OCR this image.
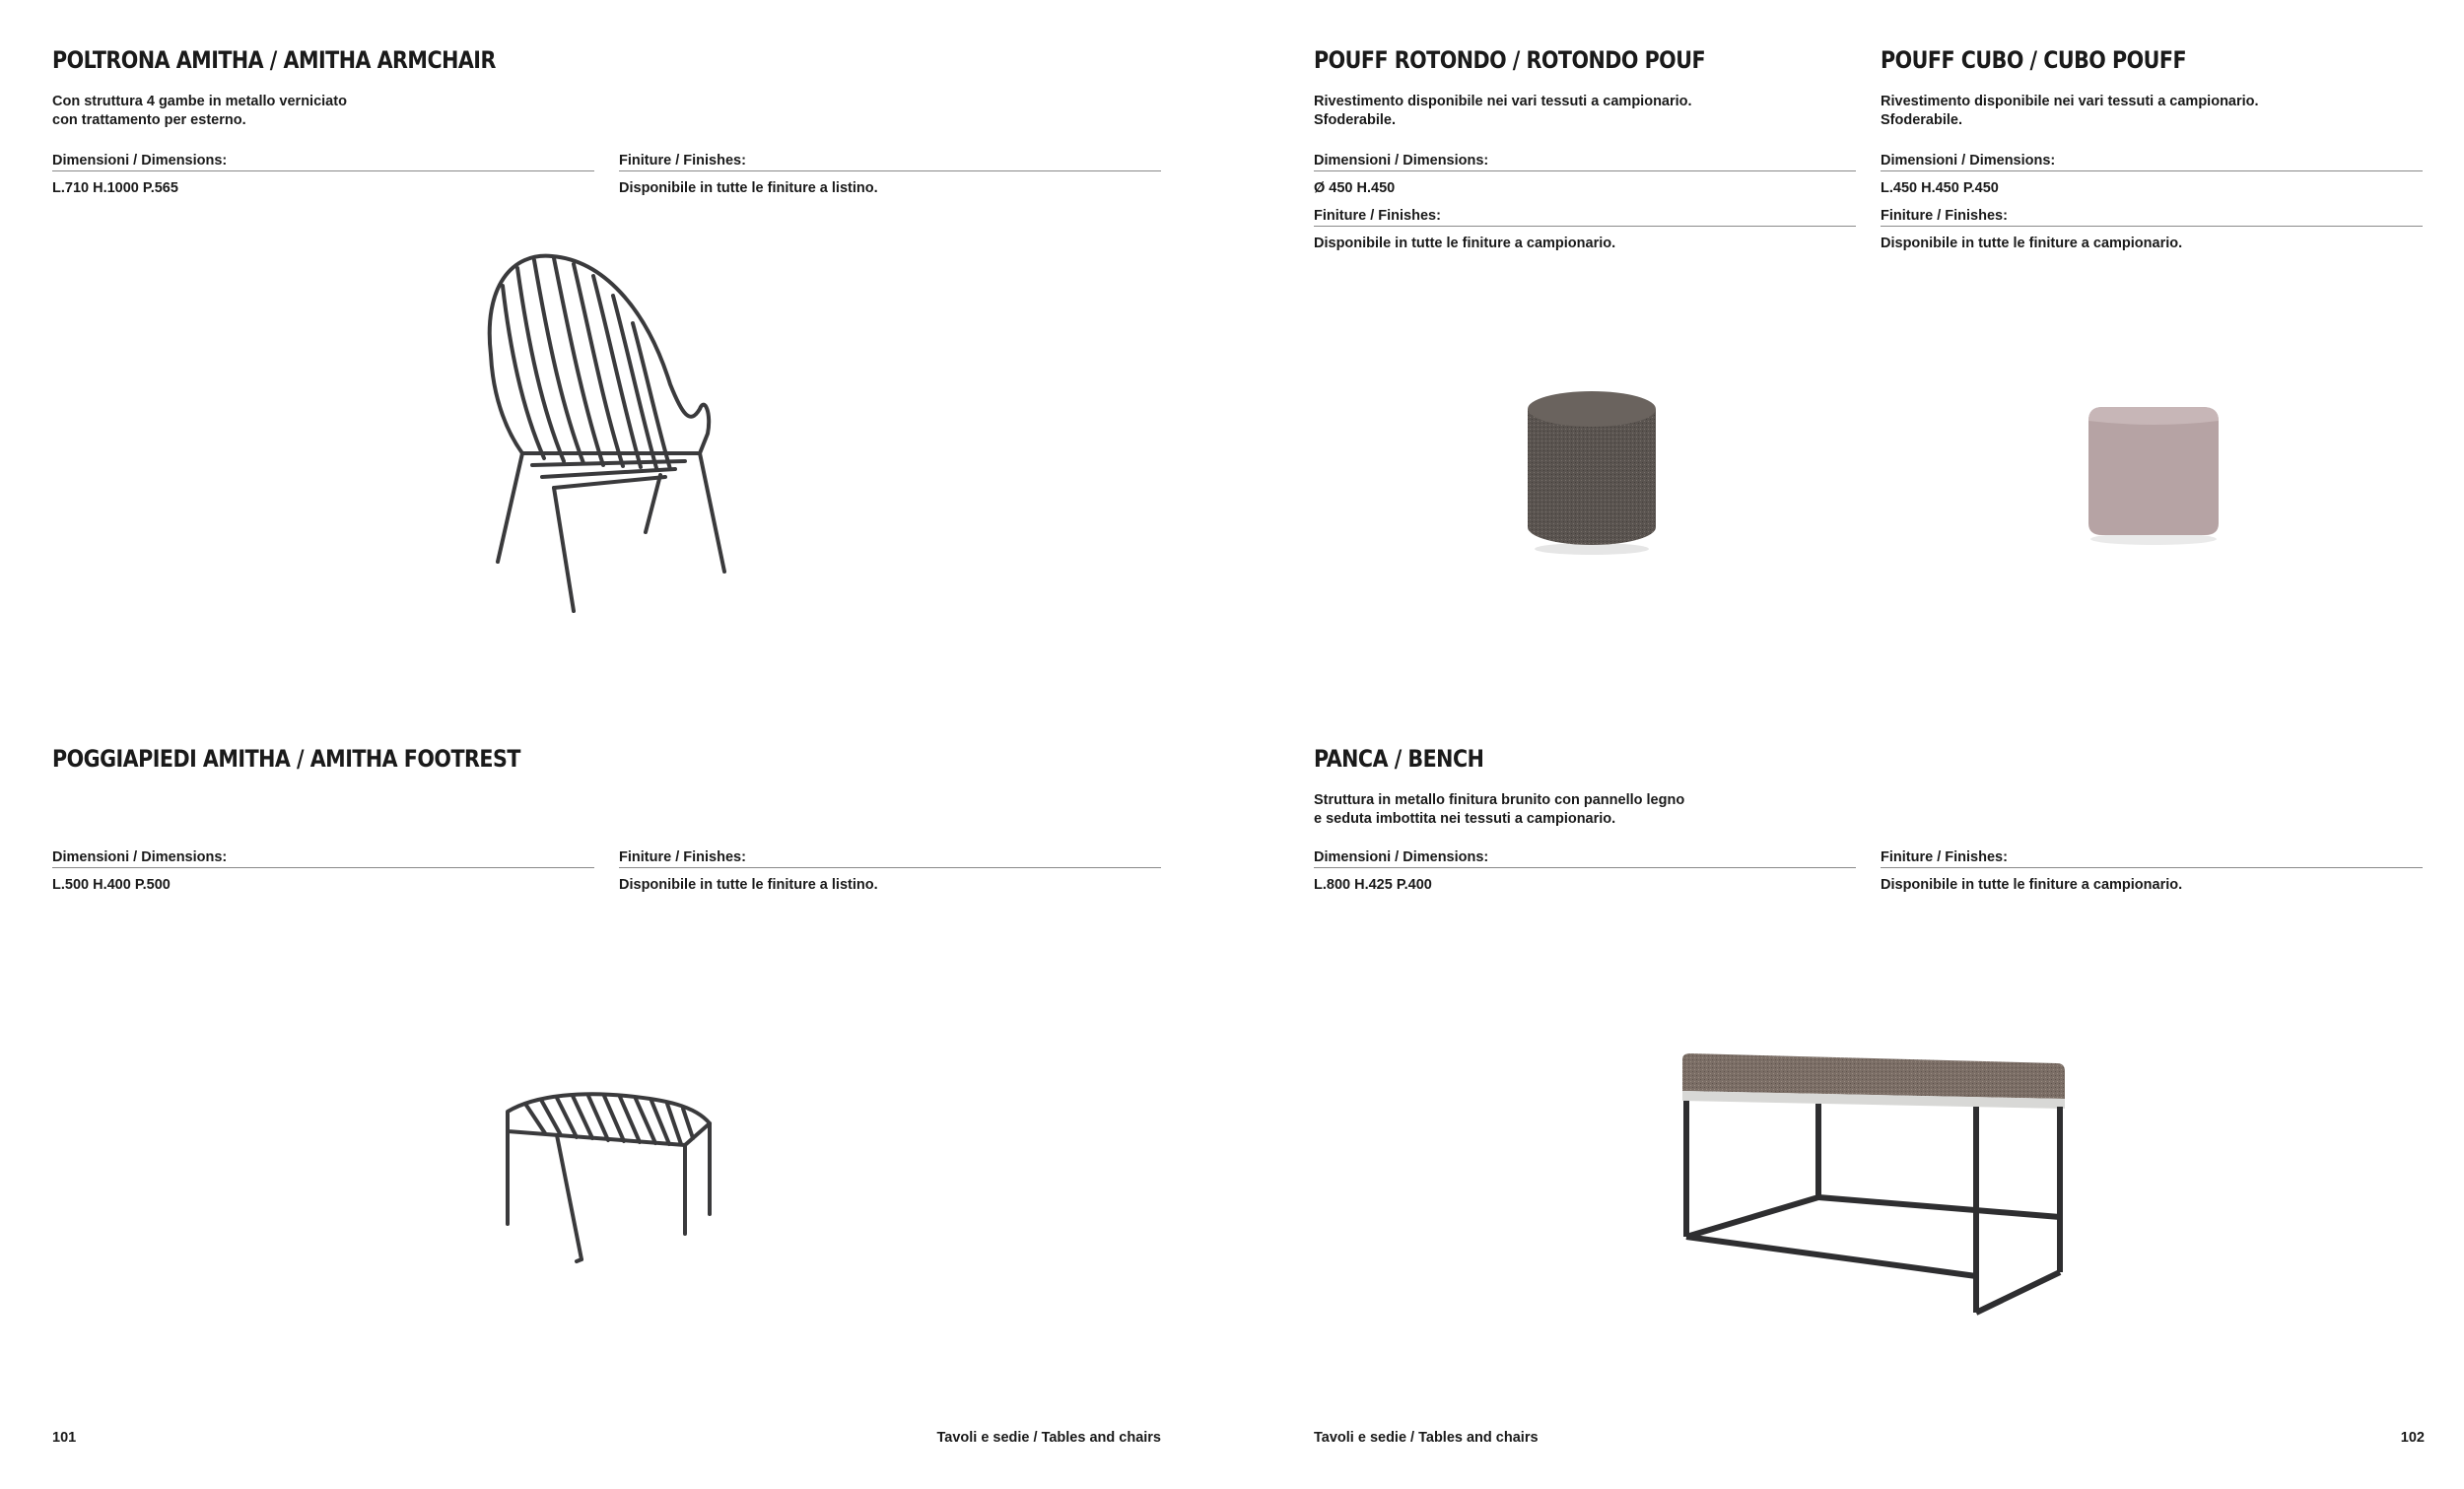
POLTRONA AMITHA / AMITHA ARMCHAIR
Con struttura 4 gambe in metallo verniciato
con trattamento per esterno.
Dimensioni / Dimensions:
L.710 H.1000 P.565
Finiture / Finishes:
Disponibile in tutte le finiture a listino.
POGGIAPIEDI AMITHA / AMITHA FOOTREST
Dimensioni / Dimensions:
L.500 H.400 P.500
Finiture / Finishes:
Disponibile in tutte le finiture a listino.
101	Tavoli e sedie / Tables and chairs
POUFF ROTONDO / ROTONDO POUF
Rivestimento disponibile nei vari tessuti a campionario.
Sfoderabile.
Dimensioni / Dimensions:
Ø 450 H.450
Finiture / Finishes:
Disponibile in tutte le finiture a campionario.
POUFF CUBO / CUBO POUFF
Rivestimento disponibile nei vari tessuti a campionario.
Sfoderabile.
Dimensioni / Dimensions:
L.450 H.450 P.450
Finiture / Finishes:
Disponibile in tutte le finiture a campionario.
PANCA / BENCH
Struttura in metallo finitura brunito con pannello legno
e seduta imbottita nei tessuti a campionario.
Dimensioni / Dimensions:
L.800 H.425 P.400
Finiture / Finishes:
Disponibile in tutte le finiture a campionario.
Tavoli e sedie / Tables and chairs	102
